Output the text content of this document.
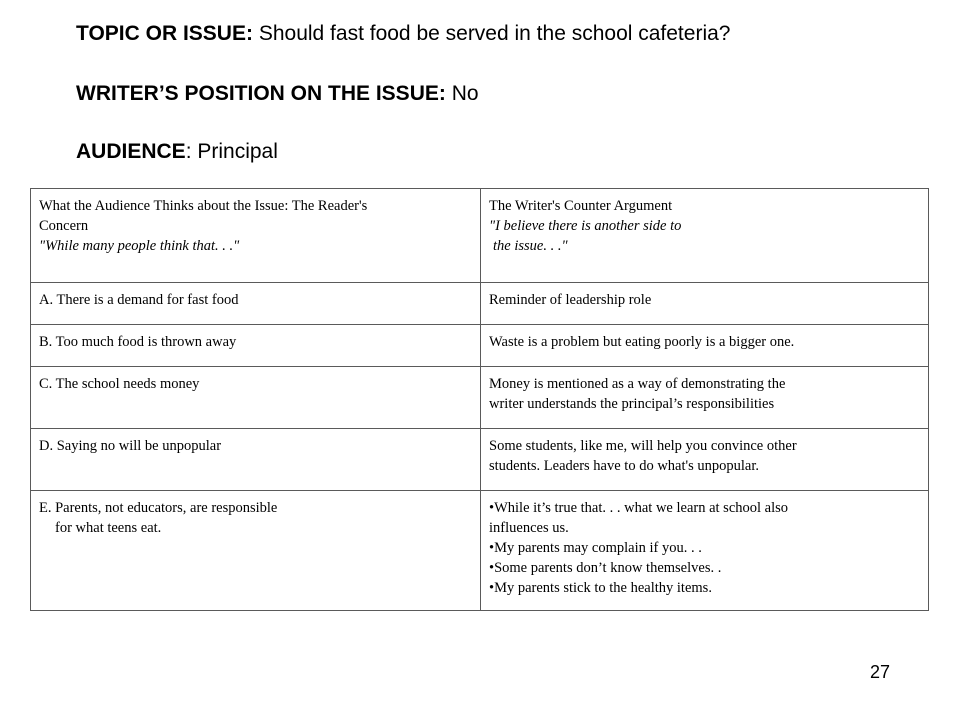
TOPIC OR ISSUE: Should fast food be served in the school cafeteria?
WRITER’S POSITION ON THE ISSUE: No
AUDIENCE: Principal
What the Audience Thinks about the Issue: The Reader's
Concern
"While many people think that. . ."	The Writer's Counter Argument
"I believe there is another side to
the issue. . ."

A. There is a demand for fast food	Reminder of leadership role

B. Too much food is thrown away	Waste is a problem but eating poorly is a bigger one.

C. The school needs money	Money is mentioned as a way of demonstrating the
writer understands the principal’s responsibilities

D. Saying no will be unpopular	Some students, like me, will help you convince other
students. Leaders have to do what's unpopular.

E. Parents, not educators, are responsible
for what teens eat.	• While it’s true that. . . what we learn at school also
influences us.
• My parents may complain if you. . .
• Some parents don’t know themselves. .
• My parents stick to the healthy items.
27
